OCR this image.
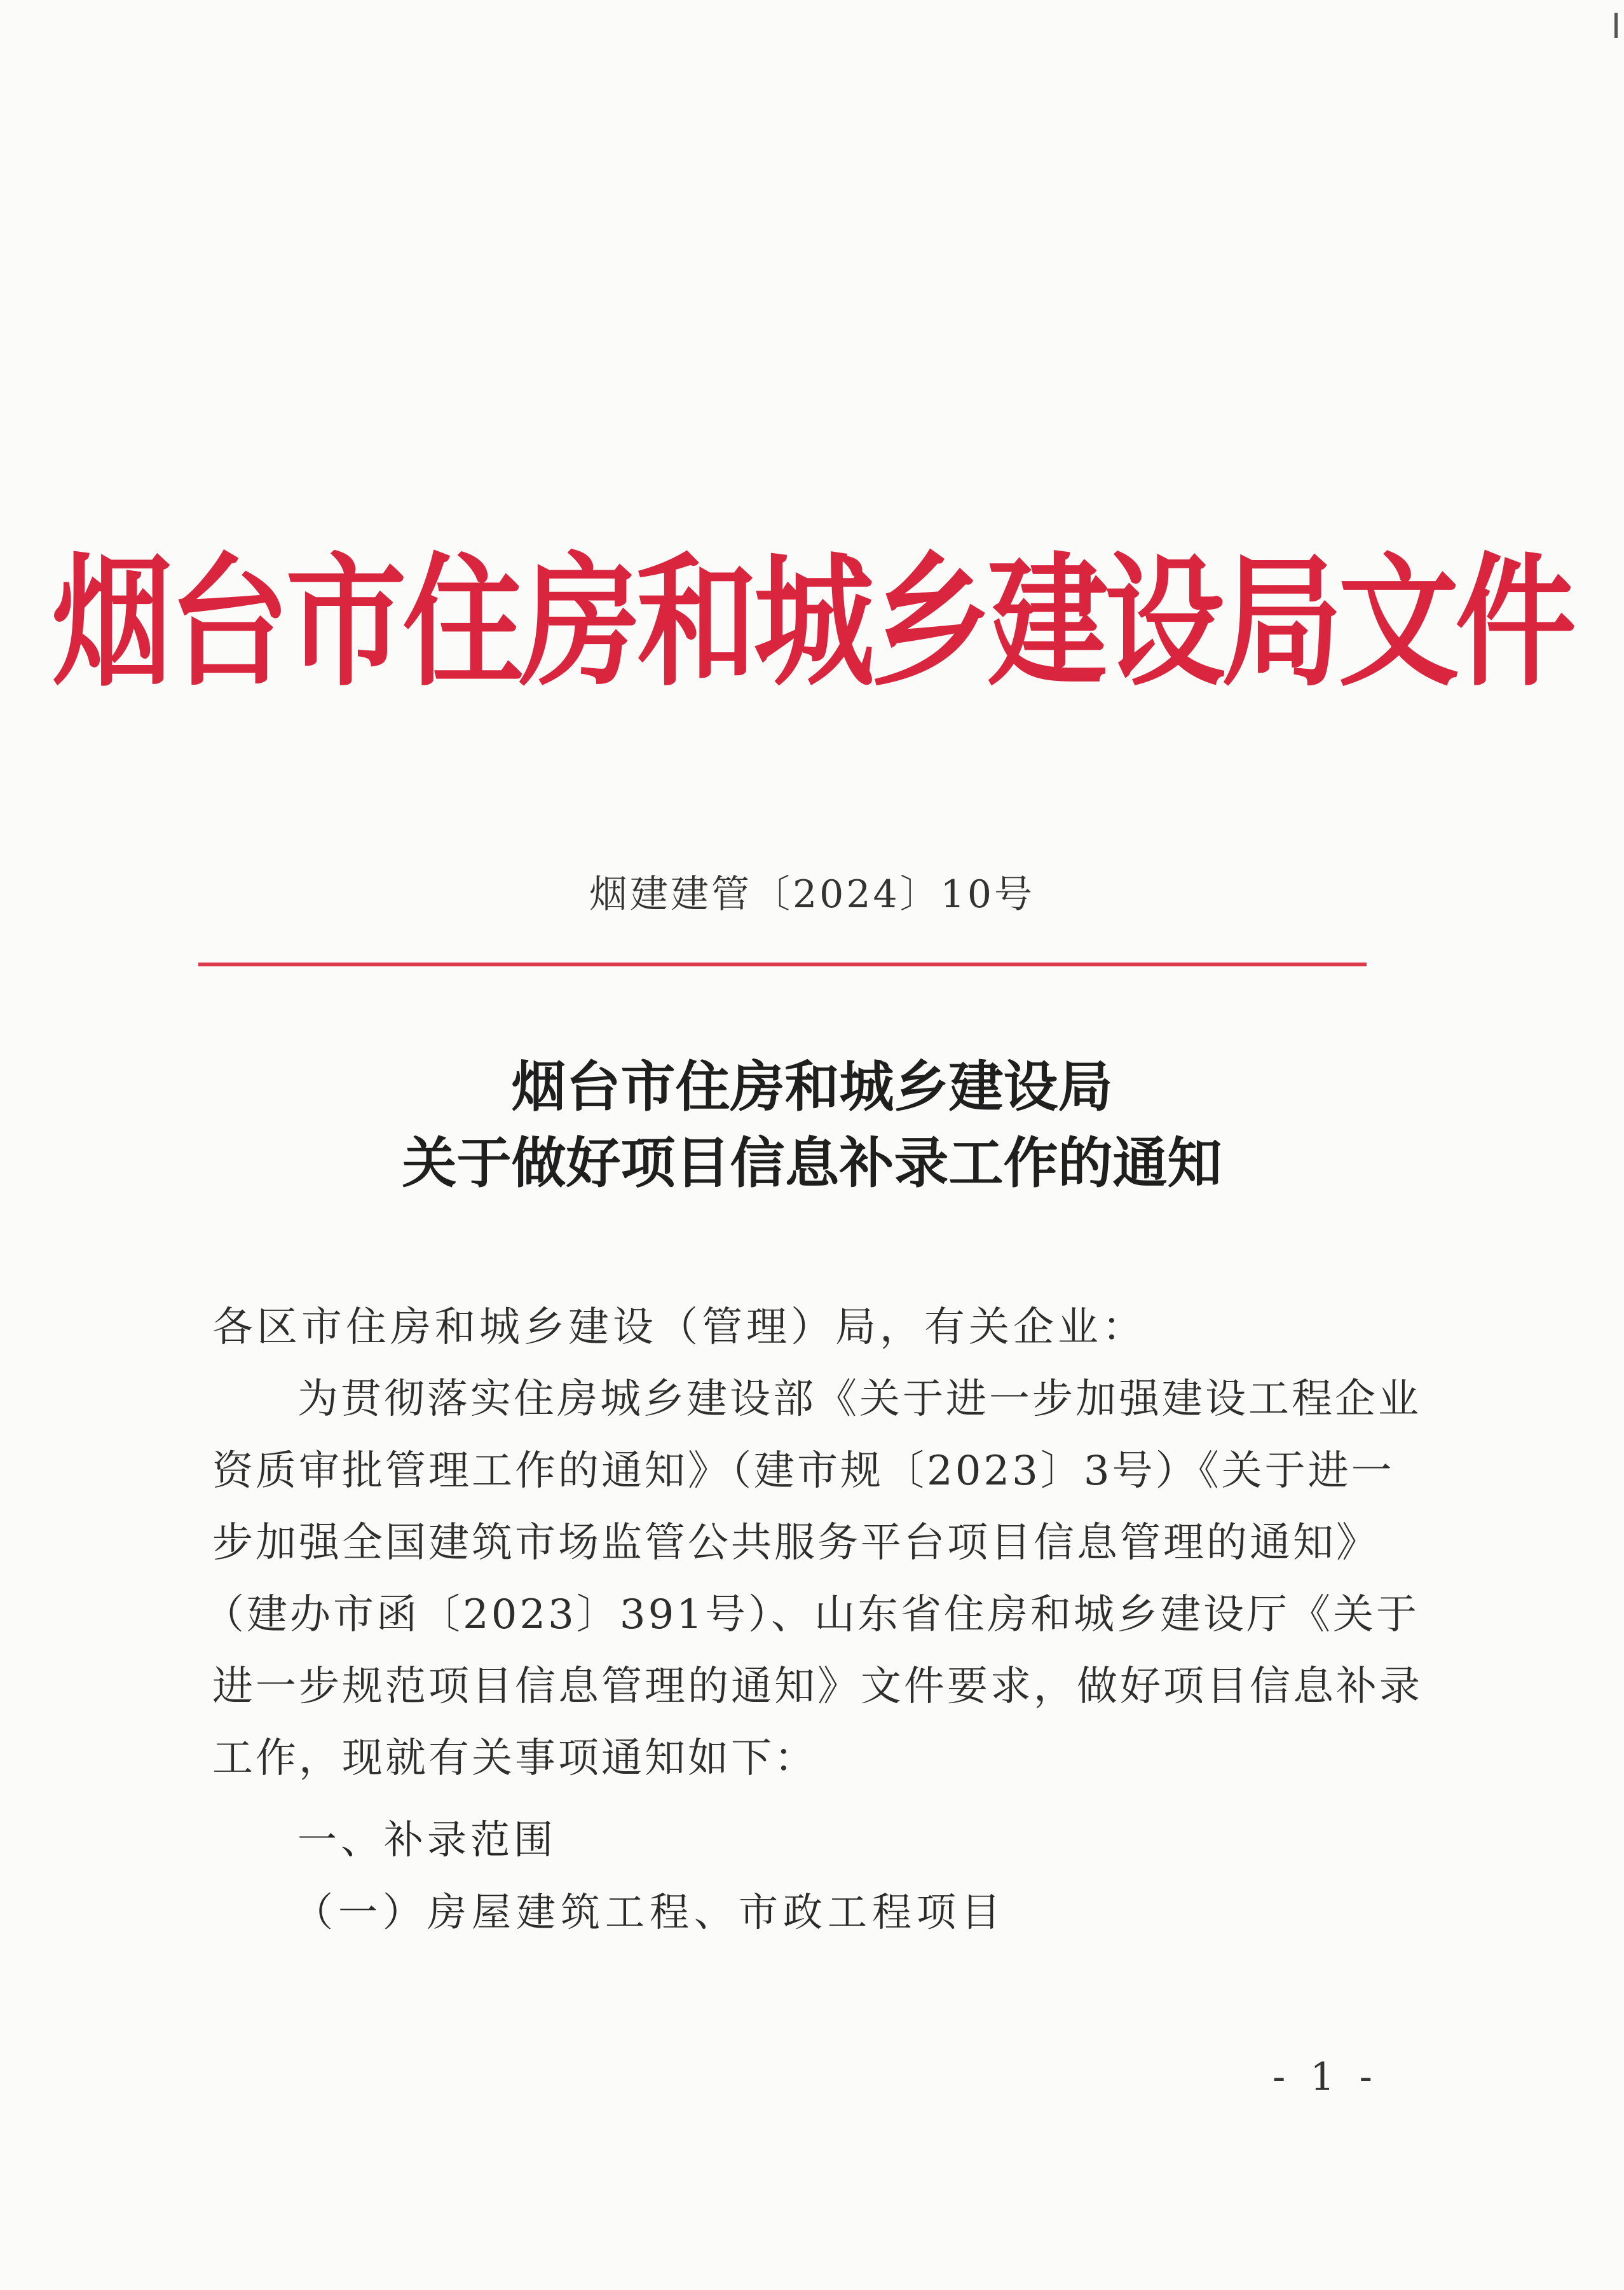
烟台市住房和城乡建设局文件
烟建建管〔2024〕10号
烟台市住房和城乡建设局
关于做好项目信息补录工作的通知
各区市住房和城乡建设（管理）局，有关企业：
为贯彻落实住房城乡建设部《关于进一步加强建设工程企业
资质审批管理工作的通知》（建市规〔2023〕3号）《关于进一
步加强全国建筑市场监管公共服务平台项目信息管理的通知》
（建办市函〔2023〕391号）、山东省住房和城乡建设厅《关于
进一步规范项目信息管理的通知》文件要求，做好项目信息补录
工作，现就有关事项通知如下：
一、补录范围
（一）房屋建筑工程、市政工程项目
- 1 -
